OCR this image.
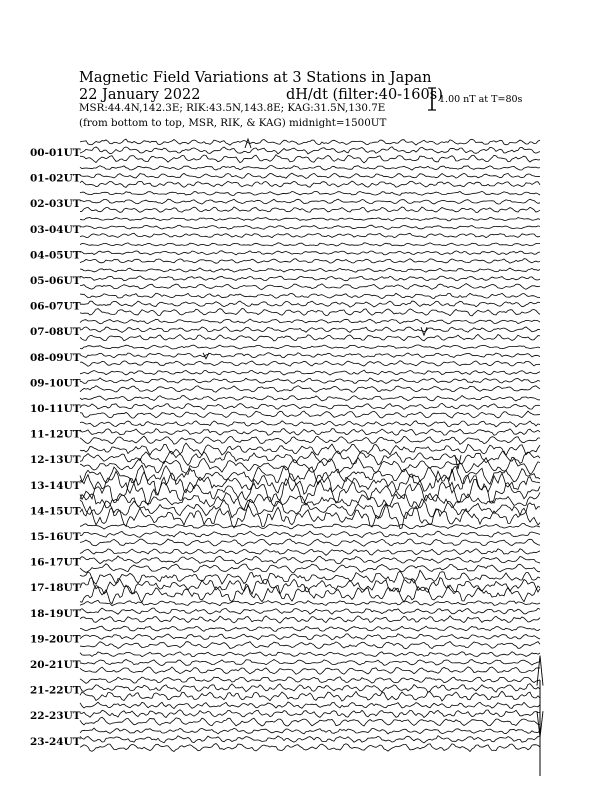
Magnetic Field Variations at 3 Stations in Japan
22 January 2022	dH/dt (filter:40-160s)
MSR:44.4N,142.3E; RIK:43.5N,143.8E; KAG:31.5N,130.7E
(from bottom to top, MSR, RIK, & KAG) midnight=1500UT
1.00 nT at T=80s
00-01UT
01-02UT
02-03UT
03-04UT
04-05UT
05-06UT
06-07UT
07-08UT
08-09UT
09-10UT
10-11UT
11-12UT
12-13UT
13-14UT
14-15UT
15-16UT
16-17UT
17-18UT
18-19UT
19-20UT
20-21UT
21-22UT
22-23UT
23-24UT
